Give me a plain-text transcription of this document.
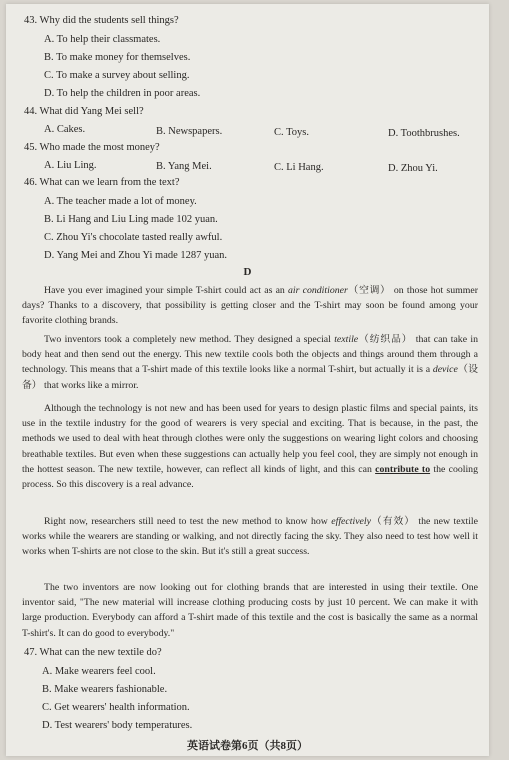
43. Why did the students sell things?
A. To help their classmates.
B. To make money for themselves.
C. To make a survey about selling.
D. To help the children in poor areas.
44. What did Yang Mei sell?
A. Cakes.	B. Newspapers.	C. Toys.	D. Toothbrushes.
45. Who made the most money?
A. Liu Ling.	B. Yang Mei.	C. Li Hang.	D. Zhou Yi.
46. What can we learn from the text?
A. The teacher made a lot of money.
B. Li Hang and Liu Ling made 102 yuan.
C. Zhou Yi's chocolate tasted really awful.
D. Yang Mei and Zhou Yi made 1287 yuan.
D
Have you ever imagined your simple T-shirt could act as an air conditioner（空调） on those hot summer days? Thanks to a discovery, that possibility is getting closer and the T-shirt may soon be found among your favorite clothing brands.
Two inventors took a completely new method. They designed a special textile（纺织品） that can take in body heat and then send out the energy. This new textile cools both the objects and things around them through a technology. This means that a T-shirt made of this textile looks like a normal T-shirt, but actually it is a device（设备） that works like a mirror.
Although the technology is not new and has been used for years to design plastic films and special paints, its use in the textile industry for the good of wearers is very special and exciting. That is because, in the past, the methods we used to deal with heat through clothes were only the suggestions on wearing light colors and choosing breathable textiles. But even when these suggestions can actually help you feel cool, they are simply not enough in the hottest season. The new textile, however, can reflect all kinds of light, and this can contribute to the cooling process. So this discovery is a real advance.
Right now, researchers still need to test the new method to know how effectively（有效） the new textile works while the wearers are standing or walking, and not directly facing the sky. They also need to test how well it works when T-shirts are not close to the skin. But it's still a great success.
The two inventors are now looking out for clothing brands that are interested in using their textile. One inventor said, "The new material will increase clothing producing costs by just 10 percent. We can make it with large production. Everybody can afford a T-shirt made of this textile and the cost is basically the same as a normal T-shirt's. It can do good to everybody."
47. What can the new textile do?
A. Make wearers feel cool.
B. Make wearers fashionable.
C. Get wearers' health information.
D. Test wearers' body temperatures.
英语试卷第6页（共8页）
